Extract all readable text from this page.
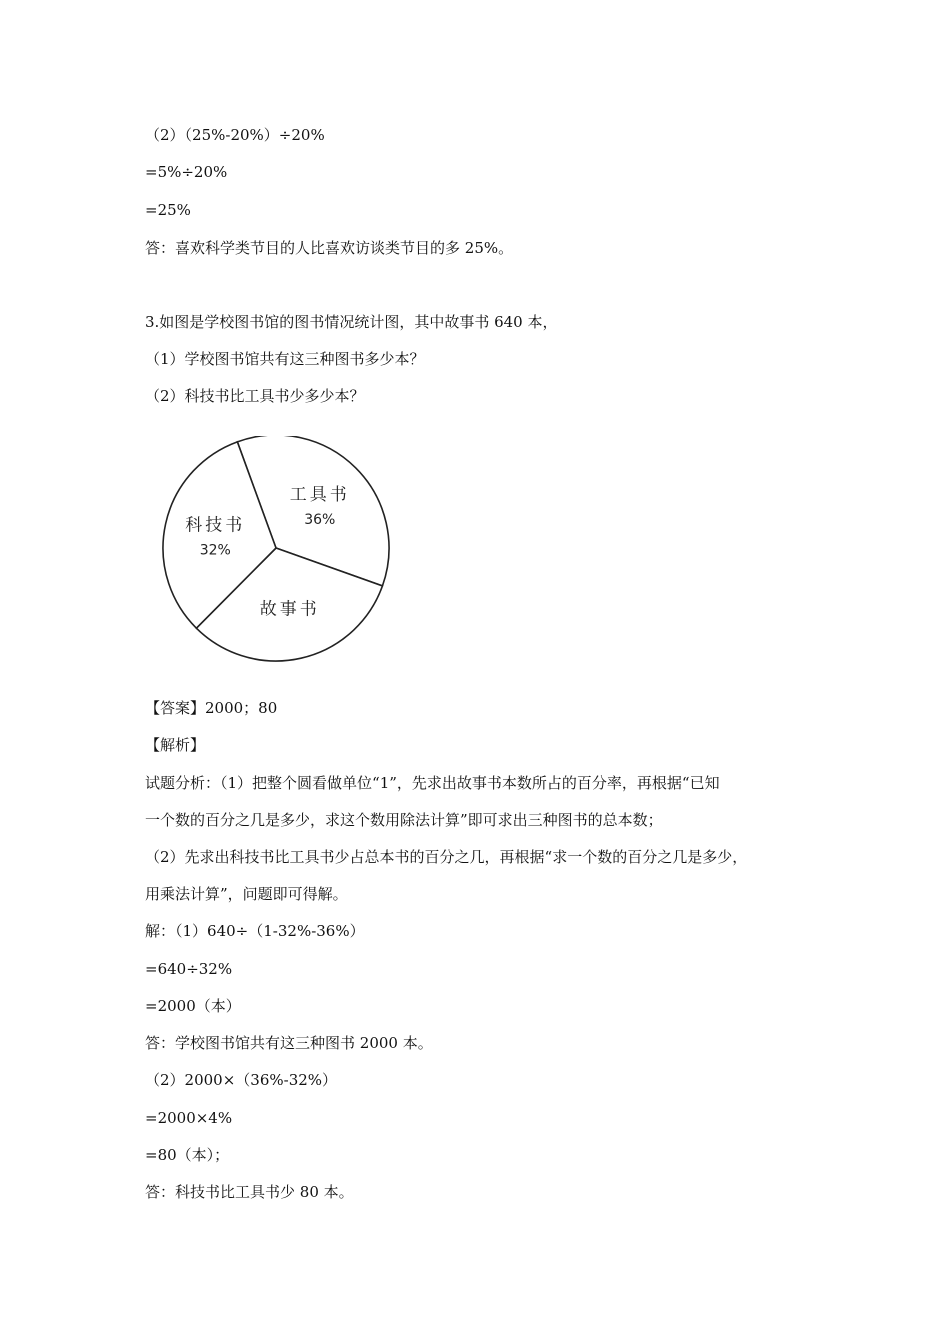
（2）（25%-20%）÷20%
=5%÷20%
=25%
答：喜欢科学类节目的人比喜欢访谈类节目的多 25%。
3.如图是学校图书馆的图书情况统计图，其中故事书 640 本，
（1）学校图书馆共有这三种图书多少本？
（2）科技书比工具书少多少本？
工具书
36%
故事书
科技书
32%
【答案】2000；80
【解析】
试题分析：（1）把整个圆看做单位“1”，先求出故事书本数所占的百分率，再根据“已知
一个数的百分之几是多少，求这个数用除法计算”即可求出三种图书的总本数；
（2）先求出科技书比工具书少占总本书的百分之几，再根据“求一个数的百分之几是多少，
用乘法计算”，问题即可得解。
解：（1）640÷（1-32%-36%）
=640÷32%
=2000（本）
答：学校图书馆共有这三种图书 2000 本。
（2）2000×（36%-32%）
=2000×4%
=80（本）；
答：科技书比工具书少 80 本。
